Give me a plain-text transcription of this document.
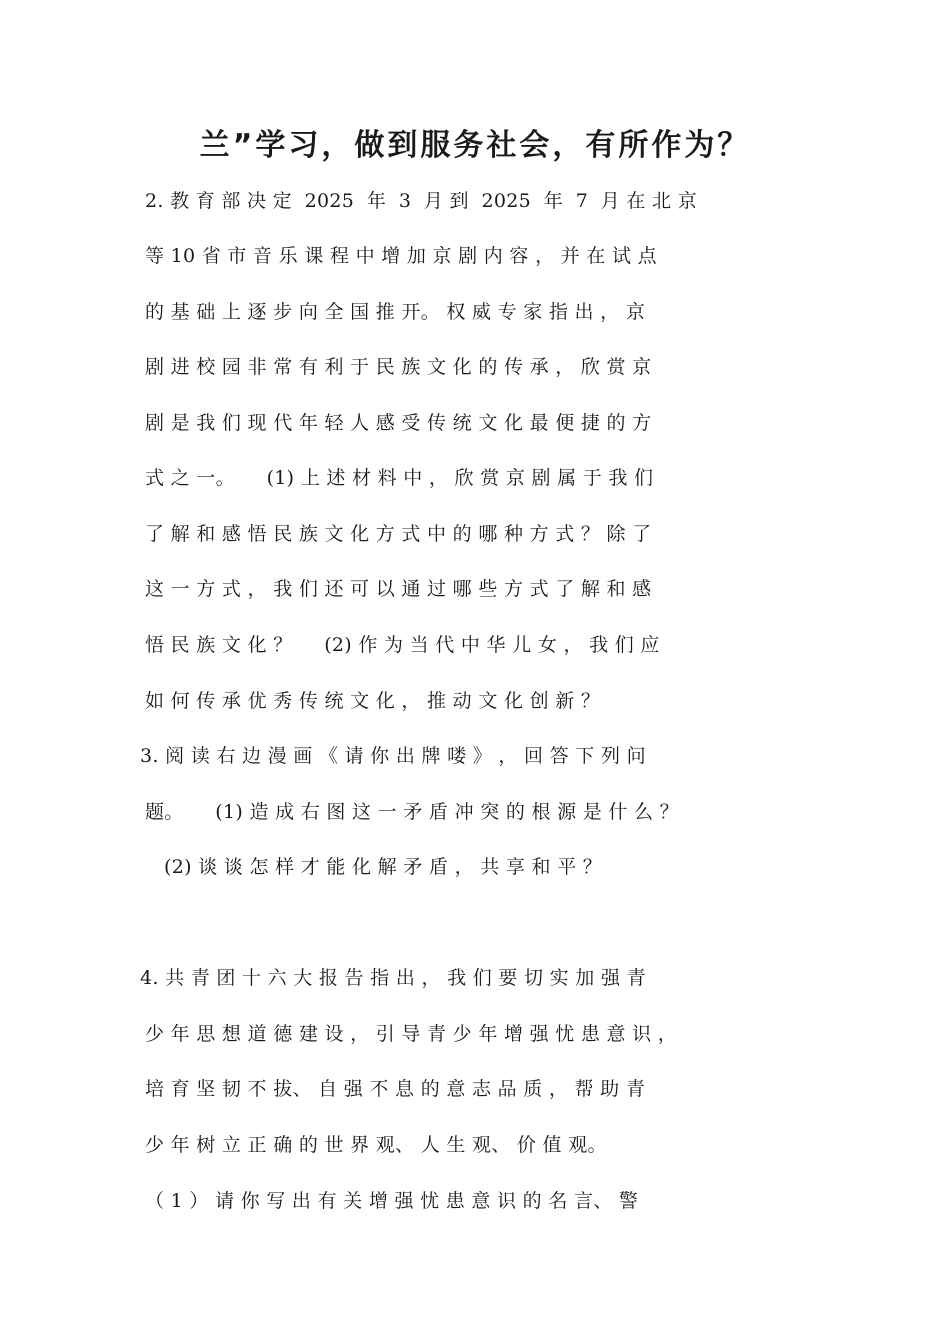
兰”学习，做到服务社会，有所作为？
2. 教 育 部 决 定  2025  年  3  月 到  2025  年  7  月 在 北 京
等 10 省 市 音 乐 课 程 中 增 加 京 剧 内 容 ， 并 在 试 点
的 基 础 上 逐 步 向 全 国 推 开。 权 威 专 家 指 出 ， 京
剧 进 校 园 非 常 有 利 于 民 族 文 化 的 传 承 ， 欣 赏 京
剧 是 我 们 现 代 年 轻 人 感 受 传 统 文 化 最 便 捷 的 方
式 之 一。     (1) 上 述 材 料 中 ， 欣 赏 京 剧 属 于 我 们
了 解 和 感 悟 民 族 文 化 方 式 中 的 哪 种 方 式 ？ 除 了
这 一 方 式 ， 我 们 还 可 以 通 过 哪 些 方 式 了 解 和 感
悟 民 族 文 化 ？     (2) 作 为 当 代 中 华 儿 女 ， 我 们 应
如 何 传 承 优 秀 传 统 文 化 ， 推 动 文 化 创 新 ？
3. 阅 读 右 边 漫 画 《 请 你 出 牌 喽 》 ， 回 答 下 列 问
题。     (1) 造 成 右 图 这 一 矛 盾 冲 突 的 根 源 是 什 么 ？
(2) 谈 谈 怎 样 才 能 化 解 矛 盾 ， 共 享 和 平 ？
4. 共 青 团 十 六 大 报 告 指 出 ， 我 们 要 切 实 加 强 青
少 年 思 想 道 德 建 设 ， 引 导 青 少 年 增 强 忧 患 意 识 ，
培 育 坚 韧 不 拔、 自 强 不 息 的 意 志 品 质 ， 帮 助 青
少 年 树 立 正 确 的 世 界 观、 人 生 观、 价 值 观。
（ 1 ） 请 你 写 出 有 关 增 强 忧 患 意 识 的 名 言、 警
